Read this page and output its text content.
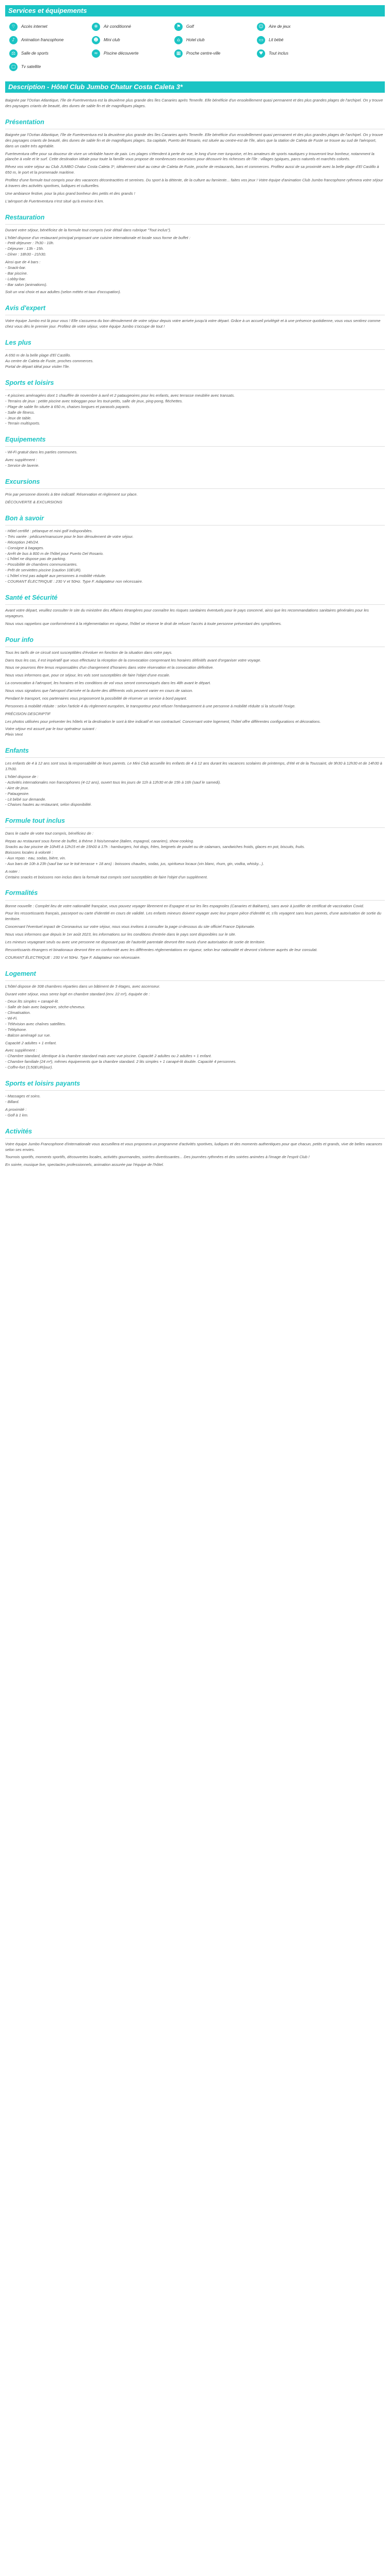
Services et équipements
⌔	Accès internet	❄	Air conditionné	⚑	Golf	☺	Aire de jeux
♪	Animation francophone	☻	Mini club	⌂	Hotel club	▭	Lit bébé
⚖	Salle de sports	≈	Piscine découverte	▦	Proche centre-ville	♥	Tout inclus
▢	Tv satellite
Description - Hôtel Club Jumbo Chatur Costa Caleta 3*
Baignée par l'Océan Atlantique, l'île de Fuerteventura est la deuxième plus grande des îles Canaries après Tenerife. Elle bénéficie d'un ensoleillement quasi permanent et des plus grandes plages de l'archipel. On y trouve des paysages criants de beauté, des dunes de sable fin et de magnifiques plages.
Présentation
Baignée par l'Océan Atlantique, l'île de Fuerteventura est la deuxième plus grande des îles Canaries après Tenerife. Elle bénéficie d'un ensoleillement quasi permanent et des plus grandes plages de l'archipel. On y trouve des paysages criants de beauté, des dunes de sable fin et de magnifiques plages. Sa capitale, Puerto del Rosario, est située au centre-est de l'île, alors que la station de Caleta de Fuste se trouve au sud de l'aéroport, dans un cadre très agréable.
Fuerteventura offre pour sa douceur de vivre un véritable havre de paix. Les plages s'étendent à perte de vue, le long d'une mer turquoise, et les amateurs de sports nautiques y trouveront leur bonheur, notamment la planche à voile et le surf. Cette destination idéale pour toute la famille vous propose de nombreuses excursions pour découvrir les richesses de l'île : villages typiques, parcs naturels et marchés colorés.
Rêvez vos votre séjour au Club JUMBO Chatur Costa Caleta 3*, idéalement situé au cœur de Caleta de Fuste, proche de restaurants, bars et commerces. Profitez aussi de sa proximité avec la belle plage d'El Castillo à 650 m, le port et la promenade maritime.
Profitez d'une formule tout compris pour des vacances décontractées et sereines. Du sport à la détente, de la culture au farniente... faites vos jeux ! Votre équipe d'animation Club Jumbo francophone rythmera votre séjour à travers des activités sportives, ludiques et culturelles.
Une ambiance festive, pour la plus grand bonheur des petits et des grands !
L'aéroport de Fuerteventura n'est situé qu'à environ 8 km.
Restauration
Durant votre séjour, bénéficiez de la formule tout compris (voir détail dans rubrique "Tout inclus").
L'hôtel dispose d'un restaurant principal proposant une cuisine internationale et locale sous forme de buffet :
- Petit déjeuner : 7h30 - 10h.
- Déjeuner : 13h - 15h.
- Dîner : 18h30 - 21h30.
Ainsi que de 4 bars :
- Snack-bar.
- Bar piscine.
- Lobby-bar.
- Bar salon (animations).
Soit un vrai choix et aux adultes (selon météo et taux d'occupation).
Avis d'expert
Votre équipe Jumbo est là pour vous ! Elle s'assurera du bon déroulement de votre séjour depuis votre arrivée jusqu'à votre départ. Grâce à un accueil privilégié et à une présence quotidienne, vous vous sentirez comme chez vous dès le premier jour. Profitez de votre séjour, votre équipe Jumbo s'occupe de tout !
Les plus
A 650 m de la belle plage d'El Castillo.
Au centre de Caleta de Fuste, proches commerces.
Portal de départ idéal pour visiter l'île.
Sports et loisirs
- 4 piscines aménagées dont 1 chauffée de novembre à avril et 2 pataugeoires pour les enfants, avec terrasse meublée avec transats.
- Terrains de jeux : petite piscine avec toboggan pour les tout-petits, salle de jeux, ping-pong, fléchettes.
- Plage de sable fin située à 650 m, chaises longues et parasols payants.
- Salle de fitness.
- Jeux de table.
- Terrain multisports.
Equipements
- Wi-Fi gratuit dans les parties communes.
Avec supplément :
- Service de laverie.
Excursions
Prix par personne donnés à titre indicatif. Réservation et règlement sur place.
DÉCOUVERTE & EXCURSIONS
Bon à savoir
- Hôtel certifié : pétanque et mini golf indisponibles.
- Très variée : pédicure/manucure pour le bon déroulement de votre séjour.
- Réception 24h/24.
- Consigne à bagages.
- Arrêt de bus à 800 m de l'hôtel pour Puerto Del Rosario.
- L'hôtel ne dispose pas de parking.
- Possibilité de chambres communicantes.
- Prêt de serviettes piscine (caution 10EUR).
- L'hôtel n'est pas adapté aux personnes à mobilité réduite.
- COURANT ÉLECTRIQUE : 230 V et 50Hz. Type F. Adaptateur non nécessaire.
Santé et Sécurité
Avant votre départ, veuillez consulter le site du ministère des Affaires étrangères pour connaître les risques sanitaires éventuels pour le pays concerné, ainsi que les recommandations sanitaires générales pour les voyageurs.
Nous vous rappelons que conformément à la réglementation en vigueur, l'hôtel se réserve le droit de refuser l'accès à toute personne présentant des symptômes.
Pour info
Tous les tarifs de ce circuit sont susceptibles d'évoluer en fonction de la situation dans votre pays.
Dans tous les cas, il est impératif que vous effectuiez la réception de la convocation comprenant les horaires définitifs avant d'organiser votre voyage.
Nous ne pourrons être tenus responsables d'un changement d'horaires dans votre réservation et la convocation définitive.
Nous vous informons que, pour ce séjour, les vols sont susceptibles de faire l'objet d'une escale.
La convocation à l'aéroport, les horaires et les conditions de vol vous seront communiqués dans les 48h avant le départ.
Nous vous signalons que l'aéroport d'arrivée et la durée des différents vols peuvent varier en cours de saison.
Pendant le transport, nos partenaires vous proposeront la possibilité de réserver un service à bord payant.
Personnes à mobilité réduite : selon l'article 4 du règlement européen, le transporteur peut refuser l'embarquement à une personne à mobilité réduite si la sécurité l'exige.
PRÉCISION DESCRIPTIF
Les photos utilisées pour présenter les hôtels et la destination le sont à titre indicatif et non contractuel. Concernant votre logement, l'hôtel offre différentes configurations et décorations.
Votre séjour est assuré par le tour opérateur suivant :
Plein Vent
Enfants
Les enfants de 4 à 12 ans sont sous la responsabilité de leurs parents. Le Mini Club accueille les enfants de 4 à 12 ans durant les vacances scolaires de printemps, d'été et de la Toussaint, de 9h30 à 12h30 et de 14h30 à 17h30.
L'hôtel dispose de :
- Activités internationales non francophones (4-12 ans), ouvert tous les jours de 11h à 12h30 et de 15h à 16h (sauf le samedi).
- Aire de jeux.
- Pataugeoire.
- Lit bébé sur demande.
- Chaises hautes au restaurant, selon disponibilité.
Formule tout inclus
Dans le cadre de votre tout compris, bénéficiez de :
Repas au restaurant sous forme de buffet, à thème 3 fois/semaine (italien, espagnol, canarien), show cooking.
Snacks au bar piscine de 10h45 à 12h15 et de 15h00 à 17h : hamburgers, hot dogs, frites, beignets de poulet ou de calamars, sandwiches froids, glaces en pot, biscuits, fruits.
Boissons locales à volonté :
- Aux repas : eau, sodas, bière, vin.
- Aux bars de 10h à 23h (sauf bar sur le toit terrasse + 18 ans) : boissons chaudes, sodas, jus, spiritueux locaux (vin blanc, rhum, gin, vodka, whisky...).
A noter :
Certains snacks et boissons non inclus dans la formule tout compris sont susceptibles de faire l'objet d'un supplément.
Formalités
Bonne nouvelle : Complet lieu de votre nationalité française, vous pouvez voyager librement en Espagne et sur les îles espagnoles (Canaries et Baléares), sans avoir à justifier de certificat de vaccination Covid.
Pour les ressortissants français, passeport ou carte d'identité en cours de validité. Les enfants mineurs doivent voyager avec leur propre pièce d'identité et, s'ils voyagent sans leurs parents, d'une autorisation de sortie du territoire.
Concernant l'éventuel impact de Coronavirus sur votre séjour, nous vous invitons à consulter la page ci-dessous du site officiel France Diplomatie.
Nous vous informons que depuis le 1er août 2023, les informations sur les conditions d'entrée dans le pays sont disponibles sur le site.
Les mineurs voyageant seuls ou avec une personne ne disposant pas de l'autorité parentale devront être munis d'une autorisation de sortie de territoire.
Ressortissants étrangers et binationaux devront être en conformité avec les différentes réglementations en vigueur, selon leur nationalité et devront s'informer auprès de leur consulat.
COURANT ÉLECTRIQUE : 230 V et 50Hz. Type F. Adaptateur non nécessaire.
Logement
L'hôtel dispose de 308 chambres réparties dans un bâtiment de 3 étages, avec ascenseur.
Durant votre séjour, vous serez logé en chambre standard (env. 22 m²), équipée de :
- Deux lits simples + canapé-lit.
- Salle de bain avec baignoire, sèche-cheveux.
- Climatisation.
- Wi-Fi.
- Télévision avec chaînes satellites.
- Téléphone.
- Balcon aménagé sur rue.
Capacité 2 adultes + 1 enfant.
Avec supplément :
- Chambre standard, identique à la chambre standard mais avec vue piscine. Capacité 2 adultes ou 2 adultes + 1 enfant.
- Chambre familiale (24 m²), mêmes équipements que la chambre standard. 2 lits simples + 1 canapé-lit double. Capacité 4 personnes.
- Coffre-fort (3,50EUR/jour).
Sports et loisirs payants
- Massages et soins.
- Billard.
A proximité :
- Golf à 1 km.
Activités
Votre équipe Jumbo Francophone d'internationale vous accueillera et vous proposera un programme d'activités sportives, ludiques et des moments authentiques pour que chacun, petits et grands, vive de belles vacances selon ses envies.
Tournois sportifs, moments sportifs, découvertes locales, activités gourmandes, soirées divertissantes... Des journées rythmées et des soirées animées à l'image de l'esprit Club !
En soirée, musique live, spectacles professionnels, animation assurée par l'équipe de l'hôtel.
